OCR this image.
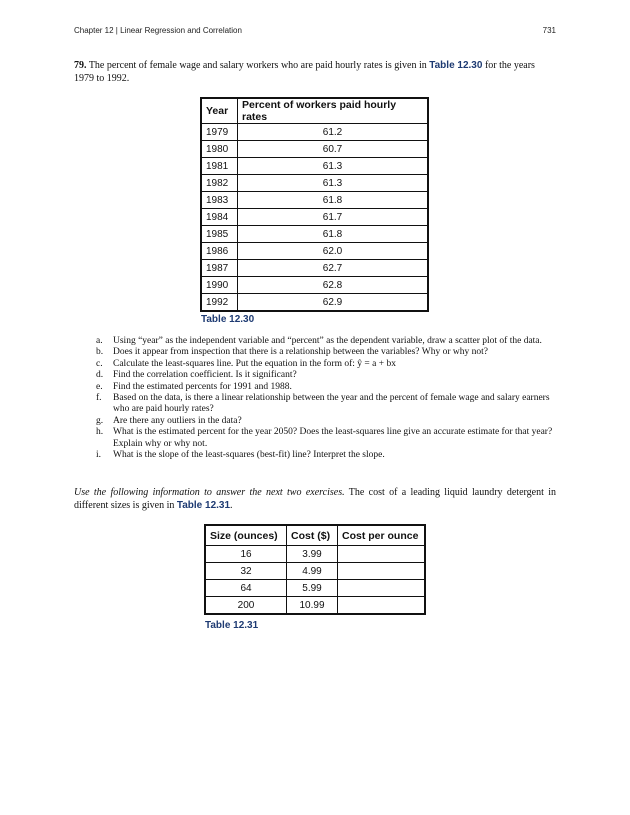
Chapter 12 | Linear Regression and Correlation	731
79. The percent of female wage and salary workers who are paid hourly rates is given in Table 12.30 for the years 1979 to 1992.
Year	Percent of workers paid hourly rates
1979	61.2
1980	60.7
1981	61.3
1982	61.3
1983	61.8
1984	61.7
1985	61.8
1986	62.0
1987	62.7
1990	62.8
1992	62.9
Table 12.30
a. Using “year” as the independent variable and “percent” as the dependent variable, draw a scatter plot of the data.
b. Does it appear from inspection that there is a relationship between the variables? Why or why not?
c. Calculate the least-squares line. Put the equation in the form of: ŷ = a + bx
d. Find the correlation coefficient. Is it significant?
e. Find the estimated percents for 1991 and 1988.
f. Based on the data, is there a linear relationship between the year and the percent of female wage and salary earners who are paid hourly rates?
g. Are there any outliers in the data?
h. What is the estimated percent for the year 2050? Does the least-squares line give an accurate estimate for that year? Explain why or why not.
i. What is the slope of the least-squares (best-fit) line? Interpret the slope.
Use the following information to answer the next two exercises. The cost of a leading liquid laundry detergent in different sizes is given in Table 12.31.
Size (ounces)	Cost ($)	Cost per ounce
16	3.99	
32	4.99	
64	5.99	
200	10.99	
Table 12.31
